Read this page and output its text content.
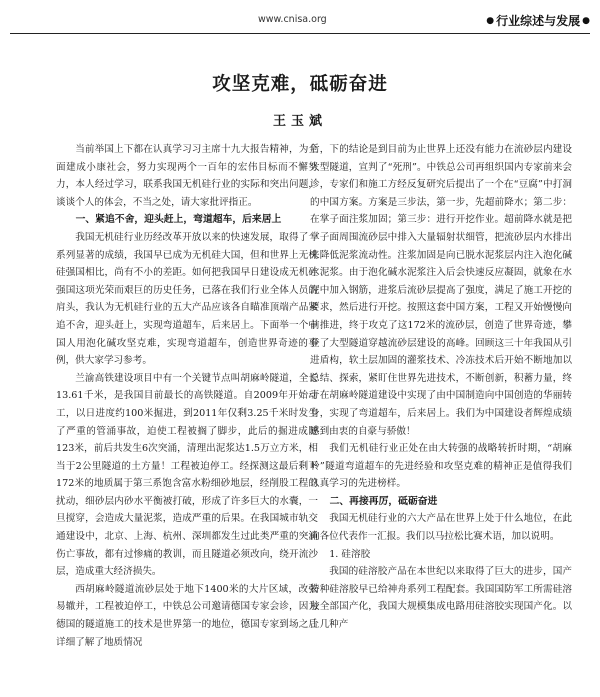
www.cnisa.org	● 行业综述与发展 ●
攻坚克难，砥砺奋进
王玉斌

当前举国上下都在认真学习习主席十九大报告精神，为全面建成小康社会，努力实现两个一百年的宏伟目标而不懈努力，本人经过学习，联系我国无机硅行业的实际和突出问题，谈谈个人的体会，不当之处，请大家批评指正。

一、紧追不舍，迎头赶上，弯道超车，后来居上

我国无机硅行业历经改革开放以来的快速发展，取得了一系列显著的成绩，我国早已成为无机硅大国，但和世界上无机硅强国相比，尚有不小的差距。如何把我国早日建设成无机硅强国这项光荣而艰巨的历史任务，已落在我们行业全体人员的肩头，我认为无机硅行业的五大产品应该各自瞄准顶端产品紧追不舍，迎头赶上，实现弯道超车，后来居上。下面举一个中国人用泡化碱攻坚克难，实现弯道超车，创造世界奇迹的事例，供大家学习参考。

兰渝高铁建设项目中有一个关键节点叫胡麻岭隧道，全长13.61千米，是我国目前最长的高铁隧道。自2009年开始动工，以日进度约100米掘进，到2011年仅剩3.25千米时发生了严重的管涌事故，迫使工程被搁了脚步，此后的掘进成隧123米，前后共发生6次突涌，清理出泥浆达1.5万立方米，相当于2公里隧道的土方量！工程被迫停工。经探测这最后剩下172米的地质属于第三系饱含富水粉细砂地层，经削股工程的扰动，细砂层内砂水平衡被打破，形成了许多巨大的水囊，一旦搅穿，会造成大量泥浆，造成严重的后果。在我国城市轨交通建设中，北京、上海、杭州、深圳都发生过此类严重的突涌伤亡事故，都有过惨痛的教训，而且隧道必须改向，绕开流沙层，造成重大经济损失。

西胡麻岭隧道流砂层处于地下1400米的大片区域，改弦易辙并，工程被迫停工，中铁总公司邀请德国专家会诊，因为德国的隧道施工的技术是世界第一的地位，德国专家到场之后详细了解了地质情况

后，下的结论是到目前为止世界上还没有能力在流砂层内建设大型隧道，宣判了“死刑”。中铁总公司再组织国内专家前来会诊，专家们和施工方经反复研究后提出了一个在“豆腐”中打洞的中国方案。方案是三步法，第一步，先超前降水；第二步：在掌子面注浆加固；第三步：进行开挖作业。超前降水就是把掌子面周围流砂层中排入大量辐射状细管，把流砂层内水排出来降低泥浆流动性。注浆加固是向已脱水泥浆层内注入泡化碱水泥浆。由于泡化碱水泥浆注入后会快速反应凝固，就象在水泥中加入钢筋，进浆后流砂层提高了强度，满足了施工开挖的要求，然后进行开挖。按照这套中国方案，工程又开始慢慢向前推进，终于攻克了这172米的流砂层，创造了世界奇迹，攀登了大型隧道穿越流砂层建设的高峰。回顾这三十年我国从引进盾构，软土层加固的灌浆技术、冷冻技术后开始不断地加以总结、探索，紧盯住世界先进技术，不断创新，积蓄力量，终于在胡麻岭隧道建设中实现了由中国制造向中国创造的华丽转身，实现了弯道超车，后来居上。我们为中国建设者辉煌成绩感到由衷的自豪与骄傲！

我们无机硅行业正处在由大转强的战略转折时期，“胡麻岭”隧道弯道超车的先进经验和攻坚克难的精神正是值得我们认真学习的先进榜样。

二、再接再厉，砥砺奋进

我国无机硅行业的六大产品在世界上处于什么地位，在此向各位代表作一汇报。我们以马拉松比赛术语，加以说明。

1. 硅溶胶

我国的硅溶胶产品在本世纪以来取得了巨大的进步，国产特种硅溶胶早已给神舟系列工程配套。我国国防军工所需硅溶胶全部国产化，我国大规模集成电路用硅溶胶实现国产化。以上几种产
